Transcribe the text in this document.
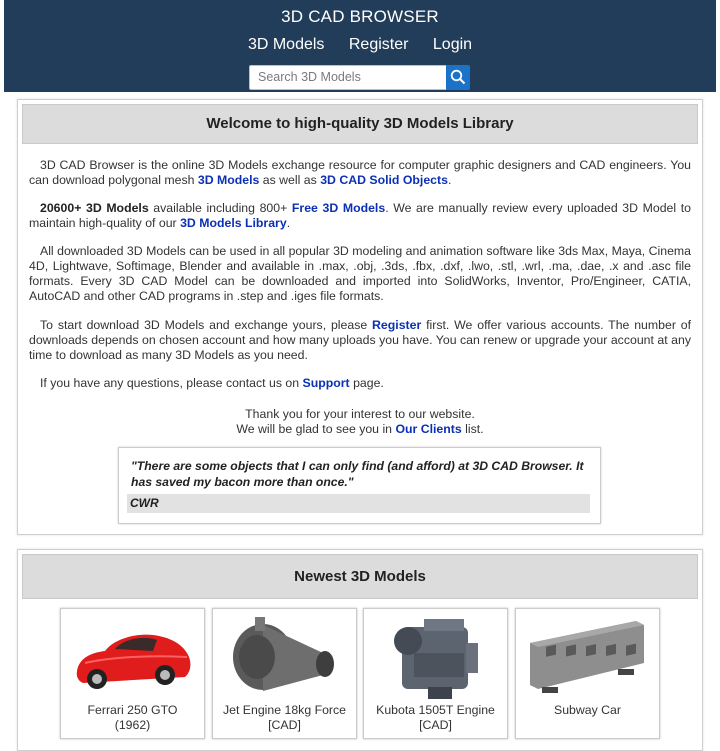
3D CAD BROWSER
3D Models Register Login
Search 3D Models
Welcome to high-quality 3D Models Library
3D CAD Browser is the online 3D Models exchange resource for computer graphic designers and CAD engineers. You can download polygonal mesh 3D Models as well as 3D CAD Solid Objects.
20600+ 3D Models available including 800+ Free 3D Models. We are manually review every uploaded 3D Model to maintain high-quality of our 3D Models Library.
All downloaded 3D Models can be used in all popular 3D modeling and animation software like 3ds Max, Maya, Cinema 4D, Lightwave, Softimage, Blender and available in .max, .obj, .3ds, .fbx, .dxf, .lwo, .stl, .wrl, .ma, .dae, .x and .asc file formats. Every 3D CAD Model can be downloaded and imported into SolidWorks, Inventor, Pro/Engineer, CATIA, AutoCAD and other CAD programs in .step and .iges file formats.
To start download 3D Models and exchange yours, please Register first. We offer various accounts. The number of downloads depends on chosen account and how many uploads you have. You can renew or upgrade your account at any time to download as many 3D Models as you need.
If you have any questions, please contact us on Support page.
Thank you for your interest to our website.
We will be glad to see you in Our Clients list.
"There are some objects that I can only find (and afford) at 3D CAD Browser. It has saved my bacon more than once."
CWR
Newest 3D Models
Ferrari 250 GTO
(1962)
Jet Engine 18kg Force
[CAD]
Kubota 1505T Engine
[CAD]
Subway Car
